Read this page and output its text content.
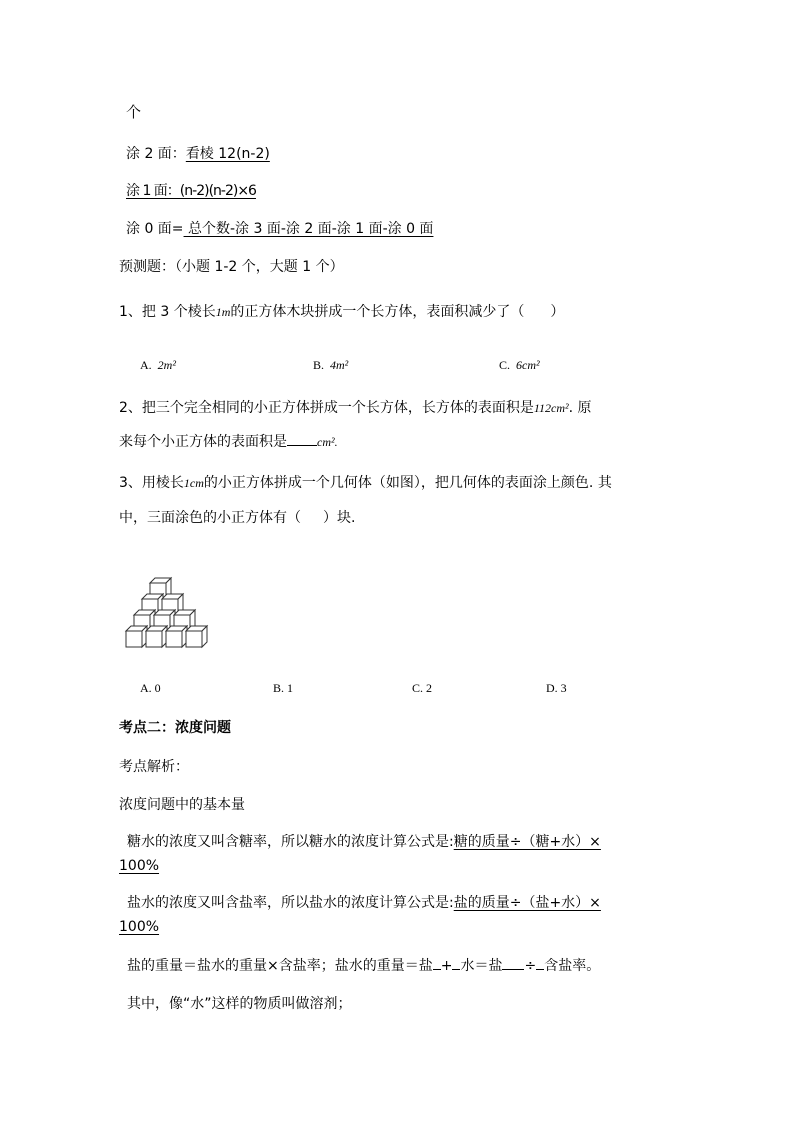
个
涂 2 面：看棱 12(n-2)
涂 1 面：(n-2)(n-2)×6
涂 0 面= 总个数-涂 3 面-涂 2 面-涂 1 面-涂 0 面
预测题：（小题 1-2 个，大题 1 个）
1、把 3 个棱长1m的正方体木块拼成一个长方体，表面积减少了（ ）
A. 2m²	B. 4m²	C. 6cm²
2、把三个完全相同的小正方体拼成一个长方体，长方体的表面积是112cm². 原
来每个小正方体的表面积是	cm².
3、用棱长1cm的小正方体拼成一个几何体（如图），把几何体的表面涂上颜色. 其
中，三面涂色的小正方体有（ ）块.
A. 0	B. 1	C. 2	D. 3
考点二：浓度问题
考点解析：
浓度问题中的基本量
糖水的浓度又叫含糖率，所以糖水的浓度计算公式是:糖的质量÷（糖+水）×
100%
盐水的浓度又叫含盐率，所以盐水的浓度计算公式是:盐的质量÷（盐+水）×
100%
盐的重量＝盐水的重量×含盐率；盐水的重量＝盐 + 水＝盐 ÷ 含盐率。
其中，像“水”这样的物质叫做溶剂；
